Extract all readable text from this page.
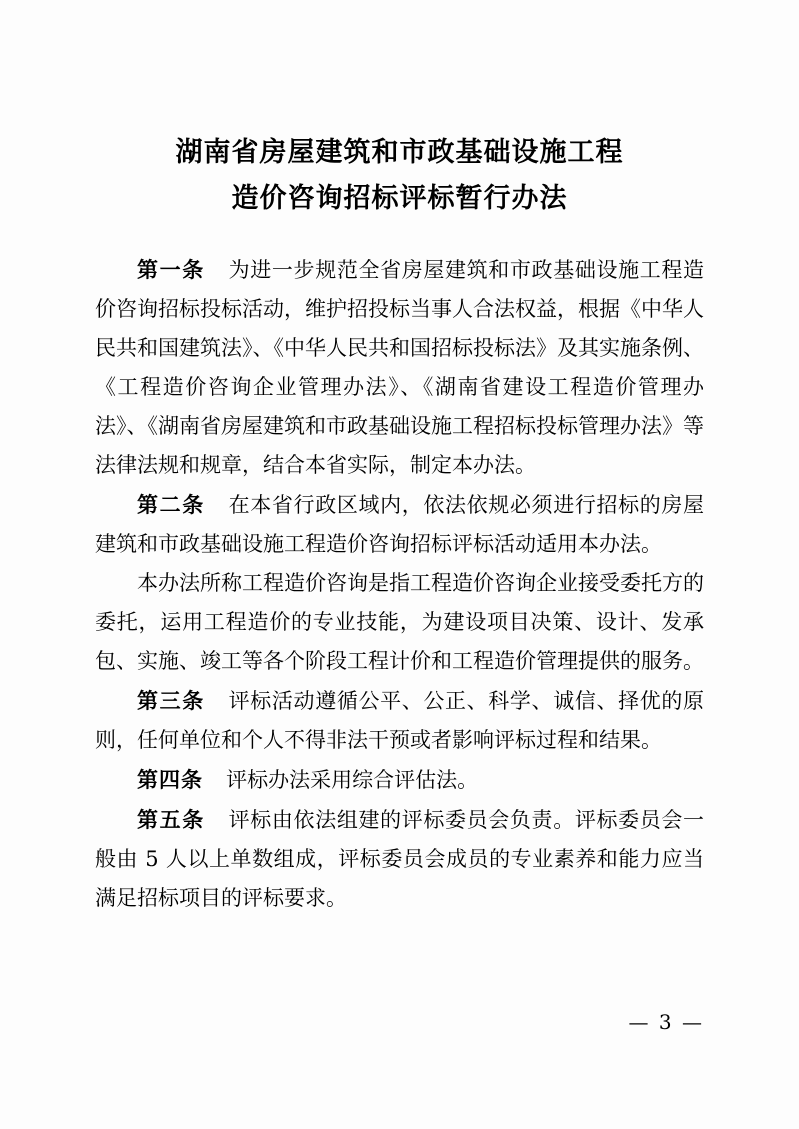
湖南省房屋建筑和市政基础设施工程
造价咨询招标评标暂行办法

第一条 为进一步规范全省房屋建筑和市政基础设施工程造价咨询招标投标活动，维护招投标当事人合法权益，根据《中华人民共和国建筑法》、《中华人民共和国招标投标法》及其实施条例、《工程造价咨询企业管理办法》、《湖南省建设工程造价管理办法》、《湖南省房屋建筑和市政基础设施工程招标投标管理办法》等法律法规和规章，结合本省实际，制定本办法。

第二条 在本省行政区域内，依法依规必须进行招标的房屋建筑和市政基础设施工程造价咨询招标评标活动适用本办法。

本办法所称工程造价咨询是指工程造价咨询企业接受委托方的委托，运用工程造价的专业技能，为建设项目决策、设计、发承包、实施、竣工等各个阶段工程计价和工程造价管理提供的服务。

第三条 评标活动遵循公平、公正、科学、诚信、择优的原则，任何单位和个人不得非法干预或者影响评标过程和结果。

第四条 评标办法采用综合评估法。

第五条 评标由依法组建的评标委员会负责。评标委员会一般由 5 人以上单数组成，评标委员会成员的专业素养和能力应当满足招标项目的评标要求。

— 3 —
